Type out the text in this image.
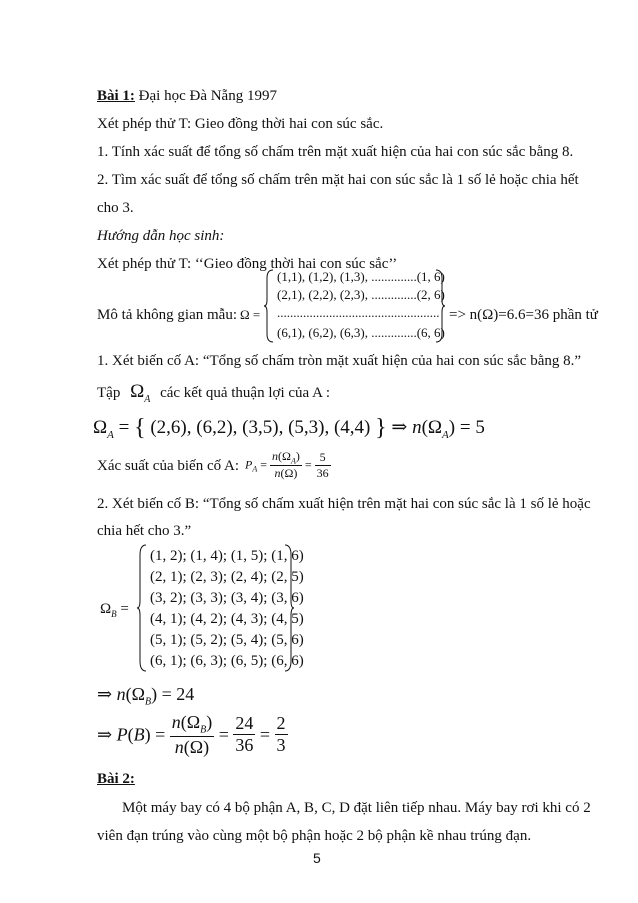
Bài 1: Đại học Đà Nẵng 1997
Xét phép thử T: Gieo đồng thời hai con súc sắc.
1. Tính xác suất để tổng số chấm trên mặt xuất hiện của hai con súc sắc bằng 8.
2. Tìm xác suất để tổng số chấm trên mặt hai con súc sắc là 1 số lẻ hoặc chia hết
cho 3.
Hướng dẫn học sinh:
Xét phép thử T: ‘‘Gieo đồng thời hai con súc sắc’’
Mô tả không gian mẫu: Ω =
(1,1), (1,2), (1,3), ..............(1, 6)
(2,1), (2,2), (2,3), ..............(2, 6)
..................................................
(6,1), (6,2), (6,3), ..............(6, 6)
=> n(Ω)=6.6=36 phần tử
1. Xét biến cố A: “Tổng số chấm tròn mặt xuất hiện của hai con súc sắc bằng 8.”
Tập $\Omega_A$ các kết quả thuận lợi của A :
$\Omega_A$ = { (2,6), (6,2), (3,5), (5,3), (4,4) } ⇒ $n(\Omega_A) = 5$
Xác suất của biến cố A: $P_A = \frac{n(\Omega_A)}{n(\Omega)} = \frac{5}{36}$
2. Xét biến cố B: “Tổng số chấm xuất hiện trên mặt hai con súc sắc là 1 số lẻ hoặc
chia hết cho 3.”
$\Omega_B$ =
(1, 2); (1, 4); (1, 5); (1, 6)
(2, 1); (2, 3); (2, 4); (2, 5)
(3, 2); (3, 3); (3, 4); (3, 6)
(4, 1); (4, 2); (4, 3); (4, 5)
(5, 1); (5, 2); (5, 4); (5, 6)
(6, 1); (6, 3); (6, 5); (6, 6)
⇒ $n(\Omega_B) = 24$
⇒ $P(B) = \frac{n(\Omega_B)}{n(\Omega)} = \frac{24}{36} = \frac{2}{3}$
Bài 2:
Một máy bay có 4 bộ phận A, B, C, D đặt liên tiếp nhau. Máy bay rơi khi có 2
viên đạn trúng vào cùng một bộ phận hoặc 2 bộ phận kề nhau trúng đạn.
5
